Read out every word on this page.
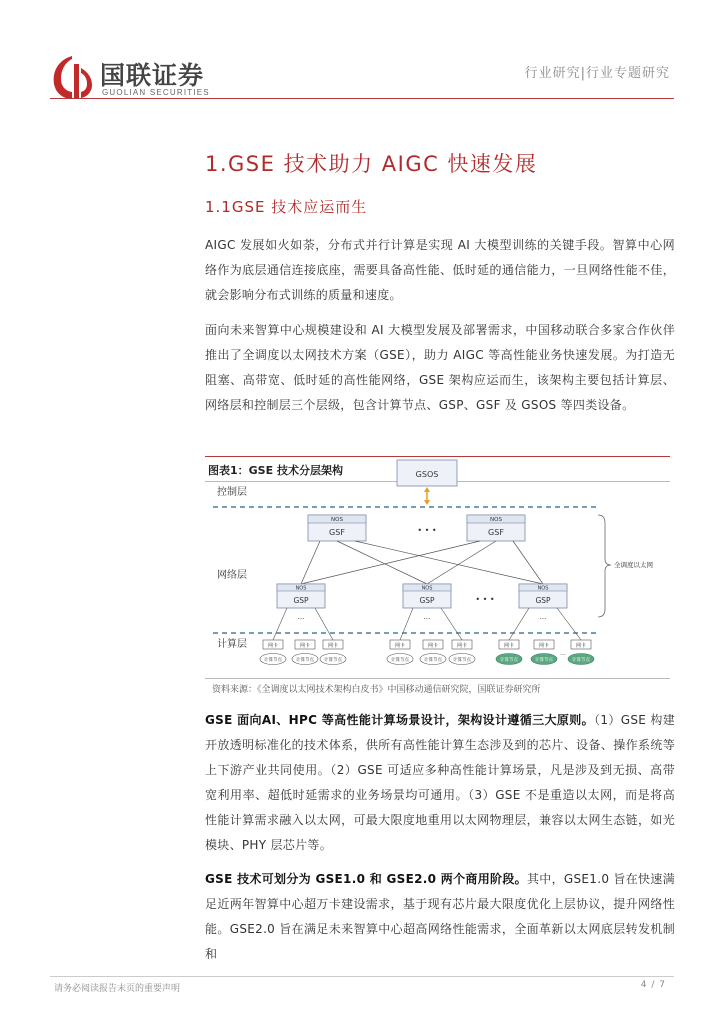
国联证券
GUOLIAN SECURITIES
行业研究|行业专题研究
1.GSE 技术助力 AIGC 快速发展
1.1GSE 技术应运而生

AIGC 发展如火如荼，分布式并行计算是实现 AI 大模型训练的关键手段。智算中心网络作为底层通信连接底座，需要具备高性能、低时延的通信能力，一旦网络性能不佳，就会影响分布式训练的质量和速度。

面向未来智算中心规模建设和 AI 大模型发展及部署需求，中国移动联合多家合作伙伴推出了全调度以太网技术方案（GSE），助力 AIGC 等高性能业务快速发展。为打造无阻塞、高带宽、低时延的高性能网络，GSE 架构应运而生，该架构主要包括计算层、网络层和控制层三个层级，包含计算节点、GSP、GSF 及 GSOS 等四类设备。

图表1：GSE 技术分层架构
控制层
网络层
计算层
GSOS
NOS
GSF	• • •
NOS
GSF
NOS
GSP
NOS
GSP	• • •
NOS
GSP
...	...	...
网卡
计算节点
网卡
计算节点
网卡
计算节点
网卡
计算节点
网卡
计算节点
网卡
计算节点
网卡
计算节点
网卡
计算节点
...
网卡
计算节点
全调度以太网
资料来源：《全调度以太网技术架构白皮书》中国移动通信研究院，国联证券研究所

GSE 面向AI、HPC 等高性能计算场景设计，架构设计遵循三大原则。（1）GSE 构建开放透明标准化的技术体系，供所有高性能计算生态涉及到的芯片、设备、操作系统等上下游产业共同使用。（2）GSE 可适应多种高性能计算场景，凡是涉及到无损、高带宽利用率、超低时延需求的业务场景均可通用。（3）GSE 不是重造以太网，而是将高性能计算需求融入以太网，可最大限度地重用以太网物理层，兼容以太网生态链，如光模块、PHY 层芯片等。

GSE 技术可划分为 GSE1.0 和 GSE2.0 两个商用阶段。其中，GSE1.0 旨在快速满足近两年智算中心超万卡建设需求，基于现有芯片最大限度优化上层协议，提升网络性能。GSE2.0 旨在满足未来智算中心超高网络性能需求，全面革新以太网底层转发机制和

请务必阅读报告末页的重要声明	4 / 7
